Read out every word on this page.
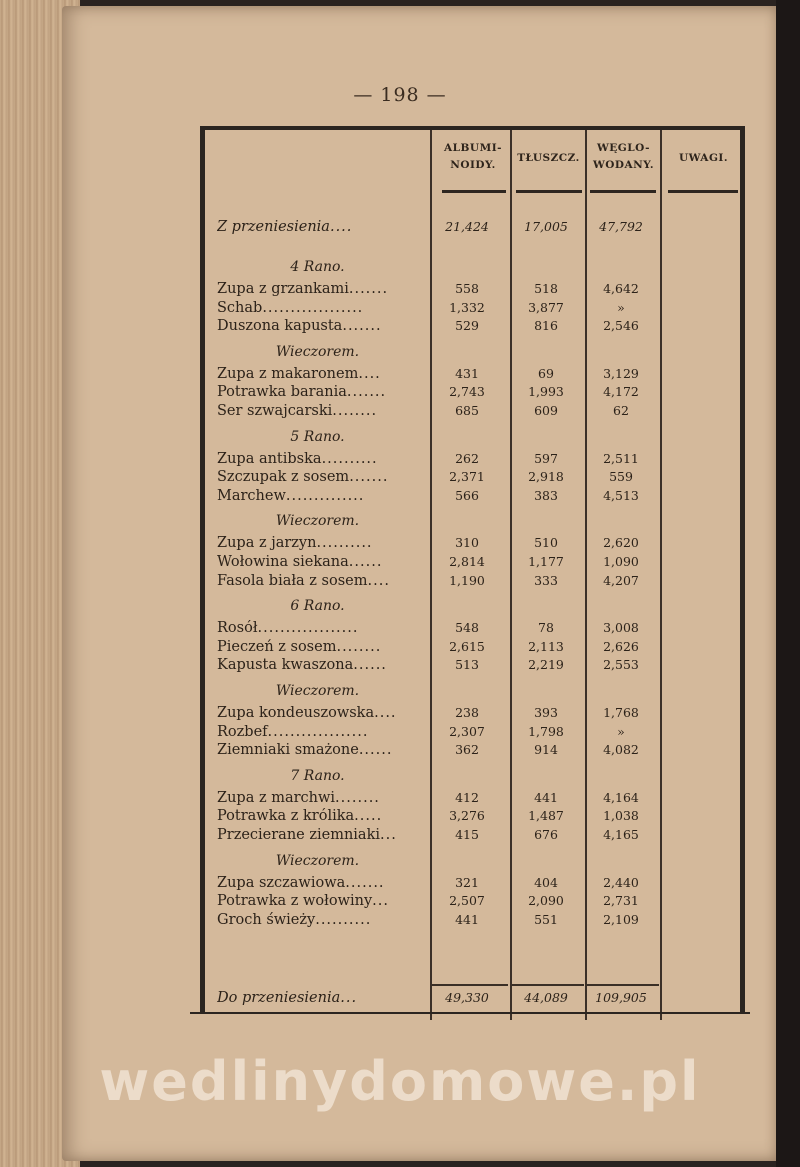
— 198 —
ALBUMI-NOIDY.
TŁUSZCZ.
WĘGLO-WODANY.
UWAGI.
Z przeniesienia....	21,424	17,005	47,792
4 Rano.
Zupa z grzankami.......	558	518	4,642
Schab..................	1,332	3,877	»
Duszona kapusta.......	529	816	2,546
Wieczorem.
Zupa z makaronem....	431	69	3,129
Potrawka barania.......	2,743	1,993	4,172
Ser szwajcarski........	685	609	62
5 Rano.
Zupa antibska..........	262	597	2,511
Szczupak z sosem.......	2,371	2,918	559
Marchew..............	566	383	4,513
Wieczorem.
Zupa z jarzyn..........	310	510	2,620
Wołowina siekana......	2,814	1,177	1,090
Fasola biała z sosem....	1,190	333	4,207
6 Rano.
Rosół..................	548	78	3,008
Pieczeń z sosem........	2,615	2,113	2,626
Kapusta kwaszona......	513	2,219	2,553
Wieczorem.
Zupa kondeuszowska....	238	393	1,768
Rozbef..................	2,307	1,798	»
Ziemniaki smażone......	362	914	4,082
7 Rano.
Zupa z marchwi........	412	441	4,164
Potrawka z królika.....	3,276	1,487	1,038
Przecierane ziemniaki...	415	676	4,165
Wieczorem.
Zupa szczawiowa.......	321	404	2,440
Potrawka z wołowiny...	2,507	2,090	2,731
Groch świeży..........	441	551	2,109
Do przeniesienia...	49,330	44,089	109,905
wedlinydomowe.pl
